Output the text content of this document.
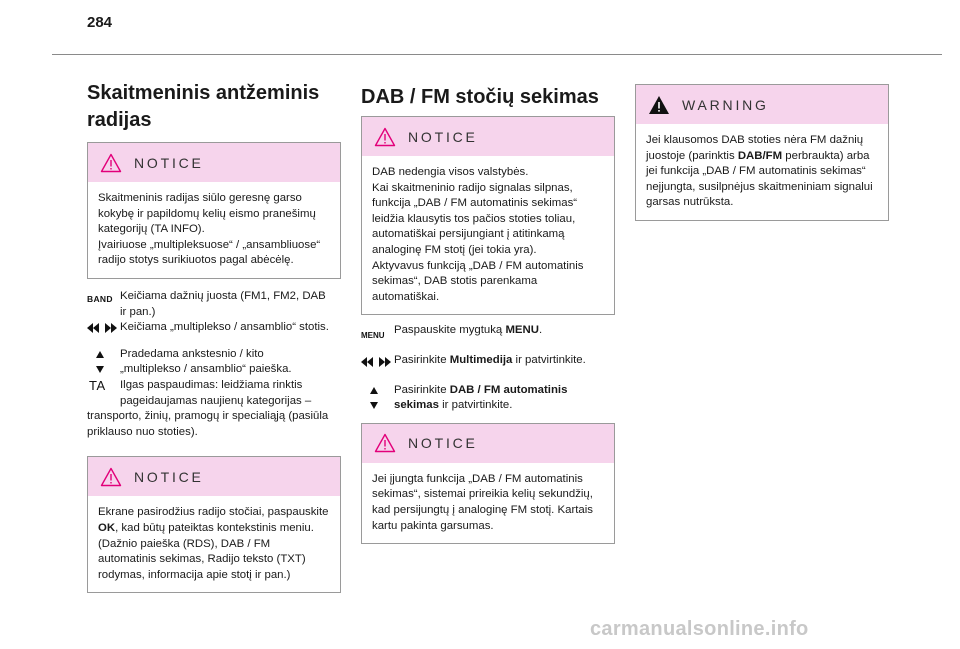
284
Skaitmeninis antžeminis
radijas
NOTICE

Skaitmeninis radijas siūlo geresnę garso

kokybę ir papildomų kelių eismo pranešimų

kategorijų (TA INFO).

Įvairiuose „multipleksuose“ / „ansambliuose“

radijo stotys surikiuotos pagal abėcėlę.

BAND Keičiama dažnių juosta (FM1, FM2, DAB
ir pan.)
Keičiama „multiplekso / ansamblio“ stotis.
Pradedama ankstesnio / kito
„multiplekso / ansamblio“ paieška.
TA Ilgas paspaudimas: leidžiama rinktis
pageidaujamas naujienų kategorijas –
transporto, žinių, pramogų ir specialiąją (pasiūla
priklauso nuo stoties).
NOTICE

Ekrane pasirodžius radijo stočiai, paspauskite

OK, kad būtų pateiktas kontekstinis meniu.

(Dažnio paieška (RDS), DAB / FM

automatinis sekimas, Radijo teksto (TXT)

rodymas, informacija apie stotį ir pan.)

DAB / FM stočių sekimas
NOTICE

DAB nedengia visos valstybės.

Kai skaitmeninio radijo signalas silpnas,

funkcija „DAB / FM automatinis sekimas“

leidžia klausytis tos pačios stoties toliau,

automatiškai persijungiant į atitinkamą

analoginę FM stotį (jei tokia yra).

Aktyvavus funkciją „DAB / FM automatinis

sekimas“, DAB stotis parenkama

automatiškai.

MENU Paspauskite mygtuką MENU.
Pasirinkite Multimedija ir patvirtinkite.
Pasirinkite DAB / FM automatinis
sekimas ir patvirtinkite.
NOTICE

Jei įjungta funkcija „DAB / FM automatinis

sekimas“, sistemai prireikia kelių sekundžių,

kad persijungtų į analoginę FM stotį. Kartais

kartu pakinta garsumas.

WARNING

Jei klausomos DAB stoties nėra FM dažnių

juostoje (parinktis DAB/FM perbraukta) arba

jei funkcija „DAB / FM automatinis sekimas“

neįjungta, susilpnėjus skaitmeniniam signalui

garsas nutrūksta.

carmanualsonline.info
